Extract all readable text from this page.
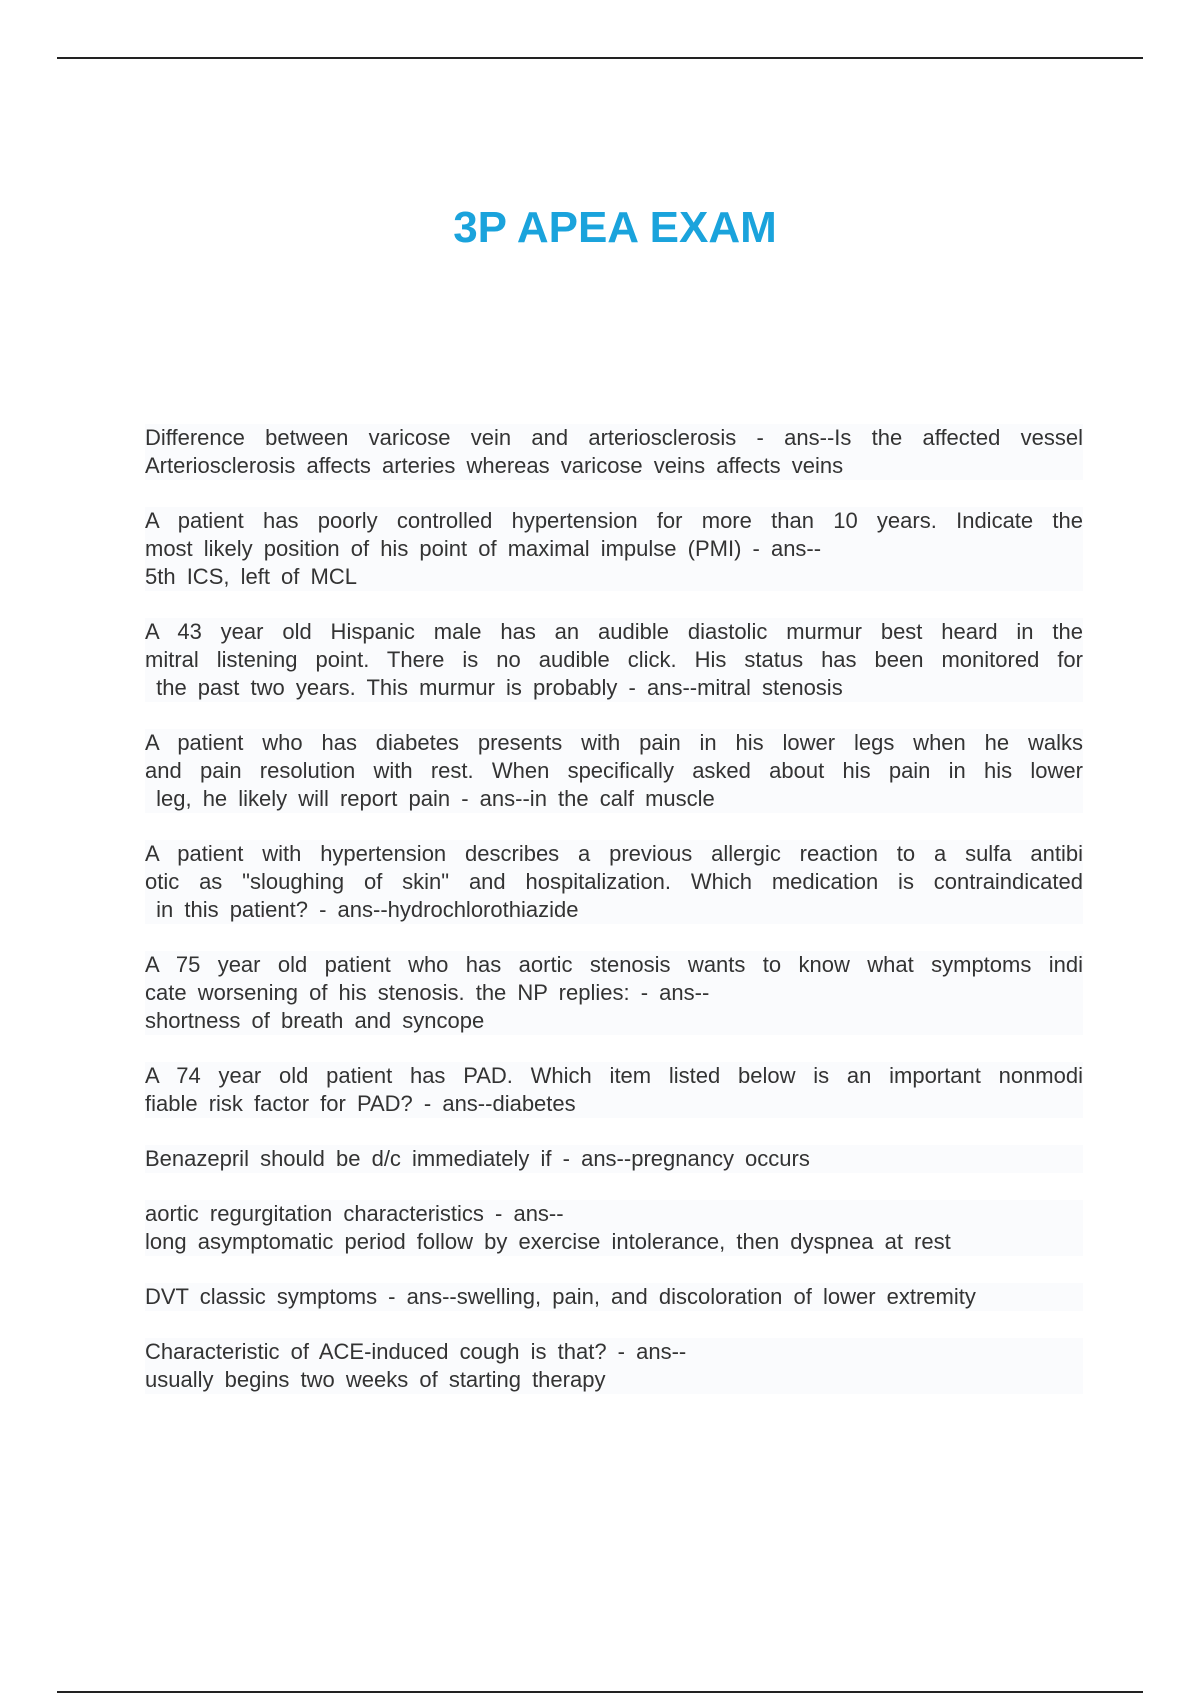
3P APEA EXAM
Difference between varicose vein and arteriosclerosis - ans--Is the affected vessel
Arteriosclerosis affects arteries whereas varicose veins affects veins
A patient has poorly controlled hypertension for more than 10 years. Indicate the
most likely position of his point of maximal impulse (PMI) - ans--
5th ICS, left of MCL
A 43 year old Hispanic male has an audible diastolic murmur best heard in the
mitral listening point. There is no audible click. His status has been monitored for
the past two years. This murmur is probably - ans--mitral stenosis
A patient who has diabetes presents with pain in his lower legs when he walks
and pain resolution with rest. When specifically asked about his pain in his lower
leg, he likely will report pain - ans--in the calf muscle
A patient with hypertension describes a previous allergic reaction to a sulfa antibi
otic as "sloughing of skin" and hospitalization. Which medication is contraindicated
in this patient? - ans--hydrochlorothiazide
A 75 year old patient who has aortic stenosis wants to know what symptoms indi
cate worsening of his stenosis. the NP replies: - ans--
shortness of breath and syncope
A 74 year old patient has PAD. Which item listed below is an important nonmodi
fiable risk factor for PAD? - ans--diabetes
Benazepril should be d/c immediately if - ans--pregnancy occurs
aortic regurgitation characteristics - ans--
long asymptomatic period follow by exercise intolerance, then dyspnea at rest
DVT classic symptoms - ans--swelling, pain, and discoloration of lower extremity
Characteristic of ACE-induced cough is that? - ans--
usually begins two weeks of starting therapy
